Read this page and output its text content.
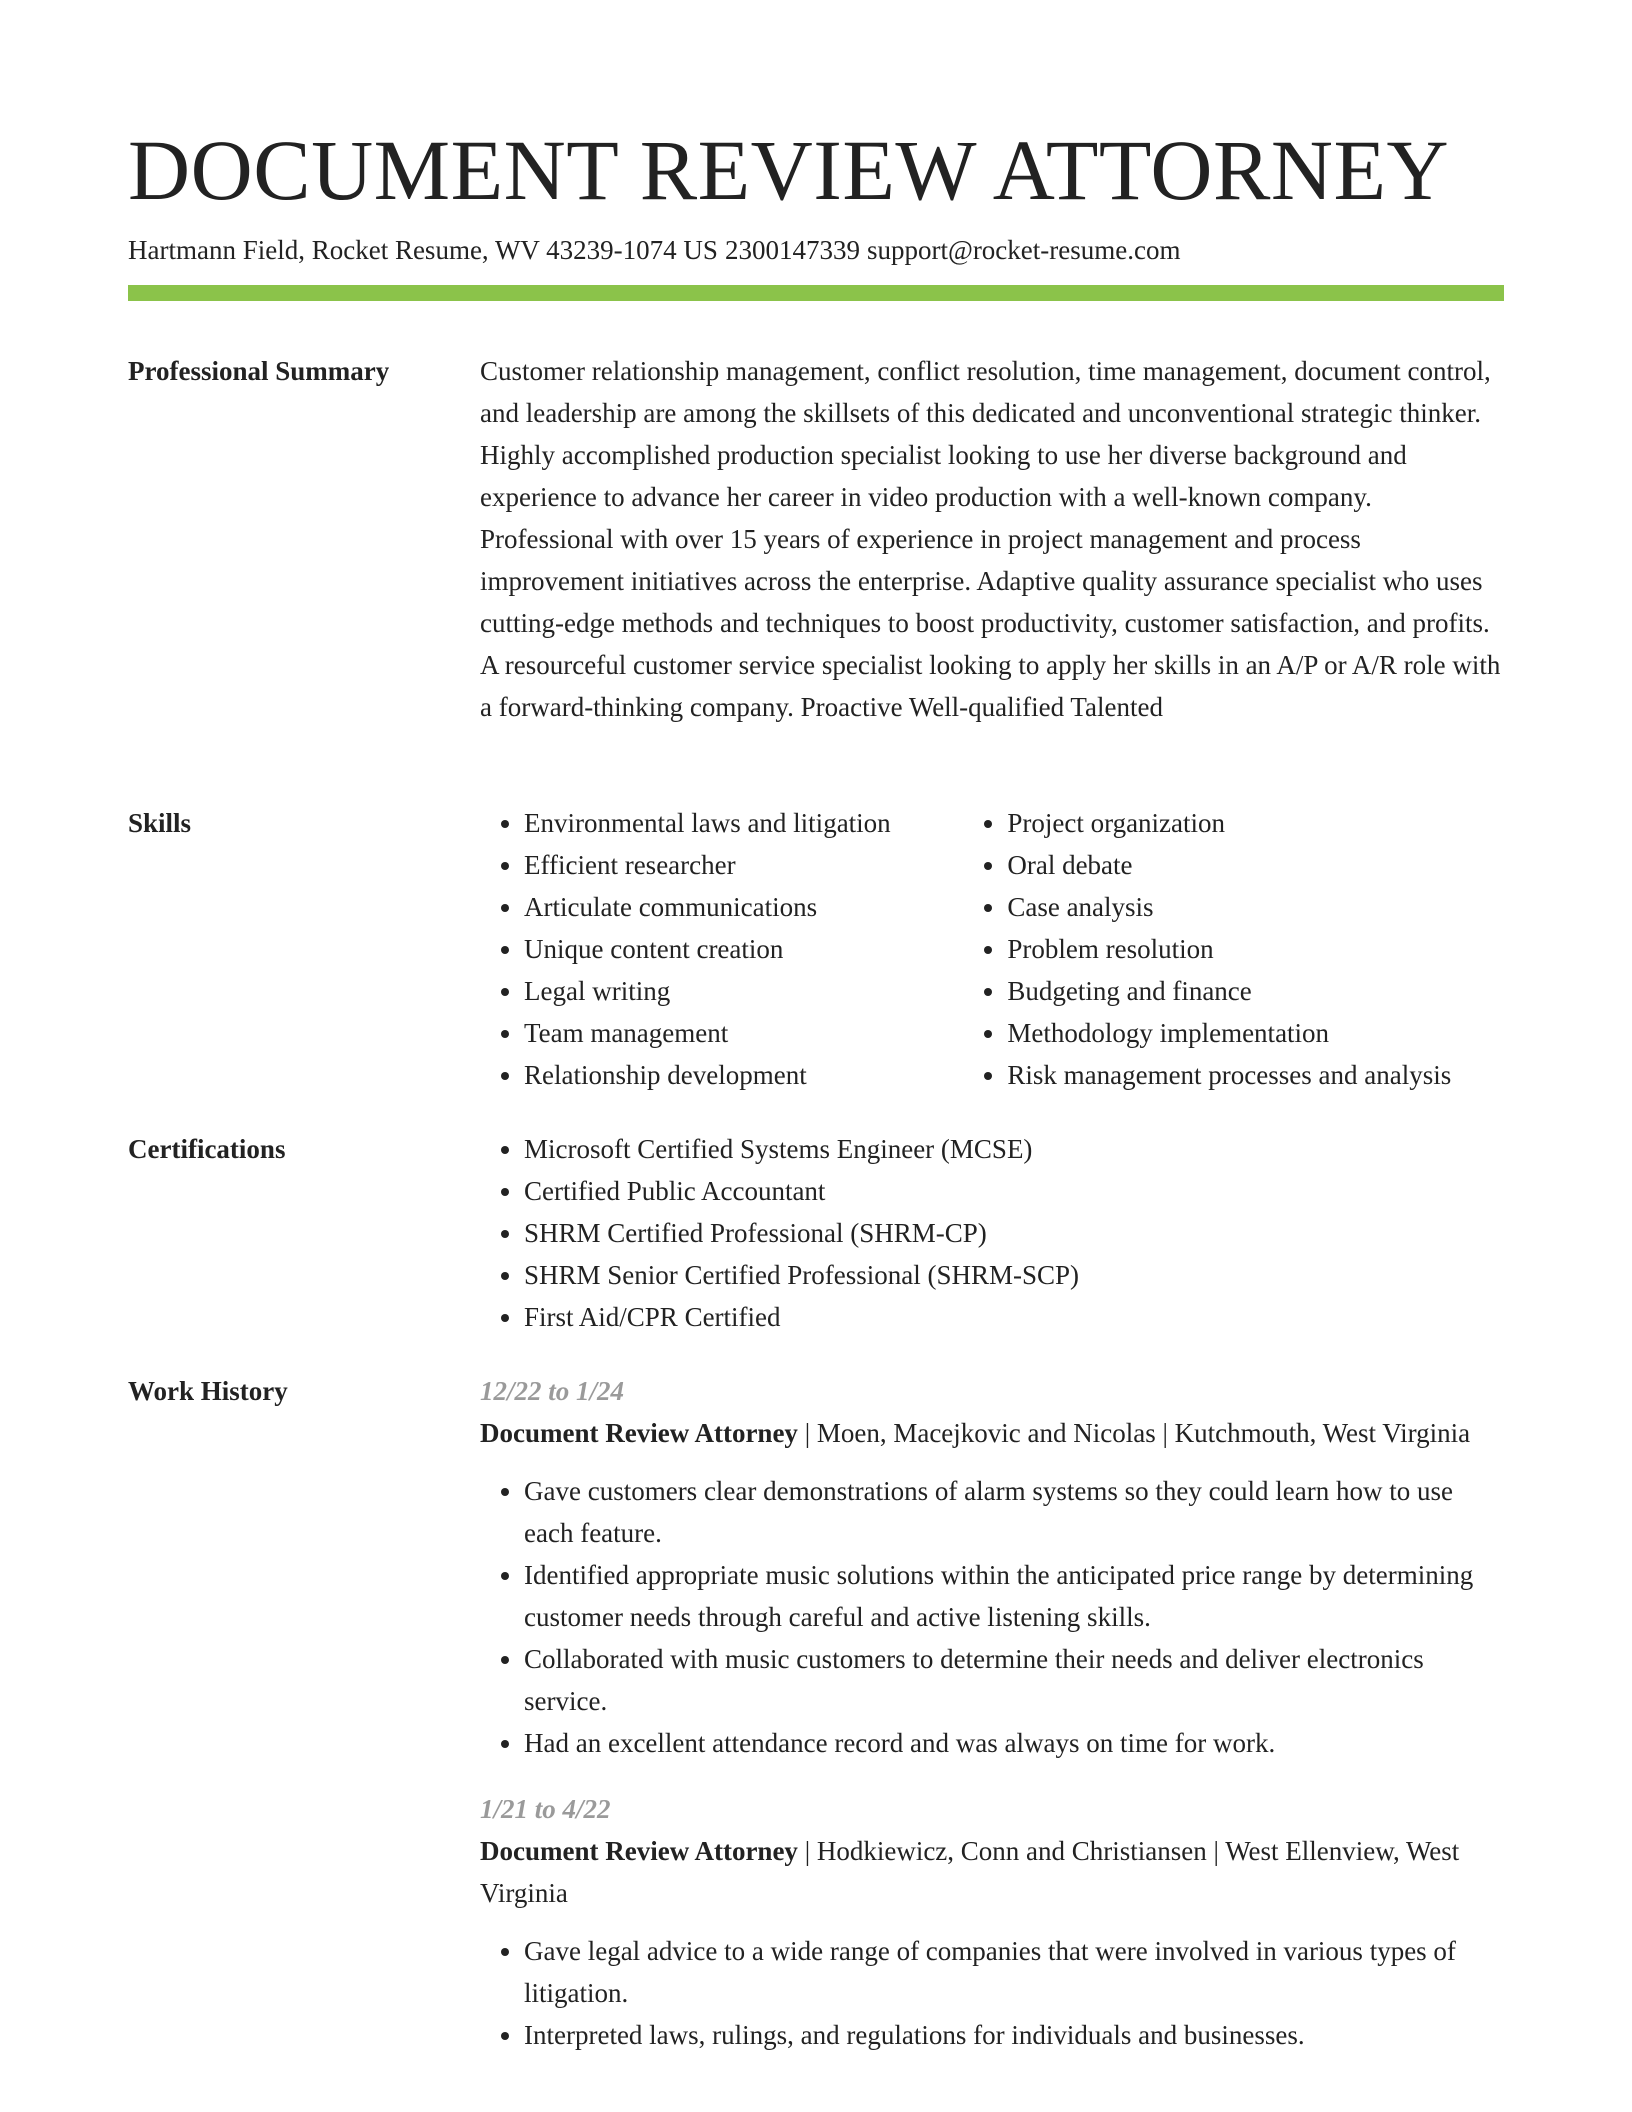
DOCUMENT REVIEW ATTORNEY
Hartmann Field, Rocket Resume, WV 43239-1074 US 2300147339 support@rocket-resume.com
Professional Summary	Customer relationship management, conflict resolution, time management, document control, and leadership are among the skillsets of this dedicated and unconventional strategic thinker. Highly accomplished production specialist looking to use her diverse background and experience to advance her career in video production with a well-known company. Professional with over 15 years of experience in project management and process improvement initiatives across the enterprise. Adaptive quality assurance specialist who uses cutting-edge methods and techniques to boost productivity, customer satisfaction, and profits. A resourceful customer service specialist looking to apply her skills in an A/P or A/R role with a forward-thinking company. Proactive Well-qualified Talented

Skills	• Environmental laws and litigation
• Efficient researcher
• Articulate communications
• Unique content creation
• Legal writing
• Team management
• Relationship development
• Project organization
• Oral debate
• Case analysis
• Problem resolution
• Budgeting and finance
• Methodology implementation
• Risk management processes and analysis
Certifications	• Microsoft Certified Systems Engineer (MCSE)
• Certified Public Accountant
• SHRM Certified Professional (SHRM-CP)
• SHRM Senior Certified Professional (SHRM-SCP)
• First Aid/CPR Certified
Work History	12/22 to 1/24
Document Review Attorney | Moen, Macejkovic and Nicolas | Kutchmouth, West Virginia
• Gave customers clear demonstrations of alarm systems so they could learn how to use each feature.
• Identified appropriate music solutions within the anticipated price range by determining customer needs through careful and active listening skills.
• Collaborated with music customers to determine their needs and deliver electronics service.
• Had an excellent attendance record and was always on time for work.
1/21 to 4/22
Document Review Attorney | Hodkiewicz, Conn and Christiansen | West Ellenview, West Virginia
• Gave legal advice to a wide range of companies that were involved in various types of litigation.
• Interpreted laws, rulings, and regulations for individuals and businesses.
